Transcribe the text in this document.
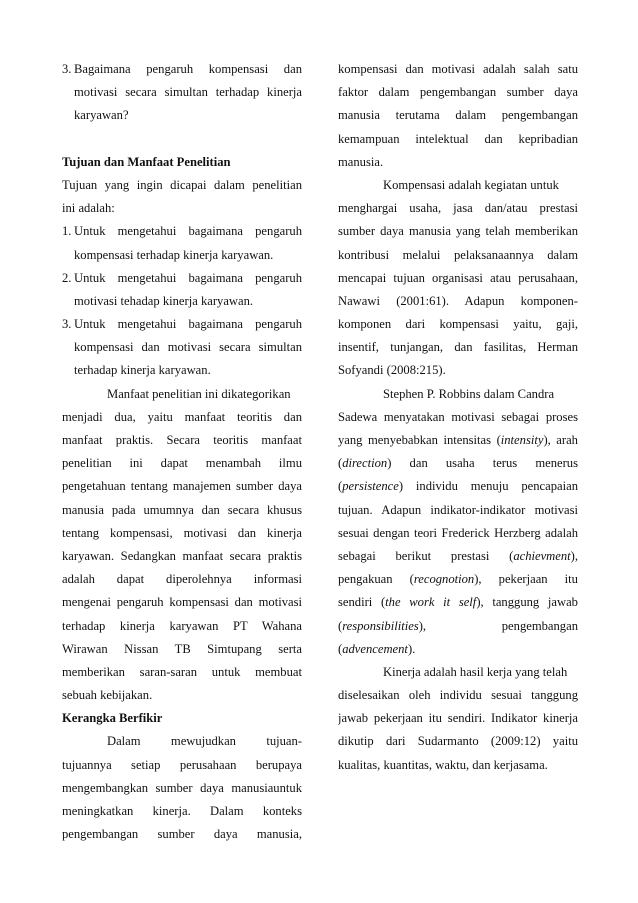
3. Bagaimana pengaruh kompensasi dan
motivasi secara simultan terhadap kinerja
karyawan?
Tujuan dan Manfaat Penelitian
Tujuan yang ingin dicapai dalam penelitian
ini adalah:
1. Untuk mengetahui bagaimana pengaruh
kompensasi terhadap kinerja karyawan.
2. Untuk mengetahui bagaimana pengaruh
motivasi tehadap kinerja karyawan.
3. Untuk mengetahui bagaimana pengaruh
kompensasi dan motivasi secara simultan
terhadap kinerja karyawan.
Manfaat penelitian ini dikategorikan
menjadi dua, yaitu manfaat teoritis dan
manfaat praktis. Secara teoritis manfaat
penelitian ini dapat menambah ilmu
pengetahuan tentang manajemen sumber daya
manusia pada umumnya dan secara khusus
tentang kompensasi, motivasi dan kinerja
karyawan. Sedangkan manfaat secara praktis
adalah dapat diperolehnya informasi
mengenai pengaruh kompensasi dan motivasi
terhadap kinerja karyawan PT Wahana
Wirawan Nissan TB Simtupang serta
memberikan saran-saran untuk membuat
sebuah kebijakan.
Kerangka Berfikir
Dalam mewujudkan tujuan-
tujuannya setiap perusahaan berupaya
mengembangkan sumber daya manusiauntuk
meningkatkan kinerja. Dalam konteks
pengembangan sumber daya manusia,
kompensasi dan motivasi adalah salah satu
faktor dalam pengembangan sumber daya
manusia terutama dalam pengembangan
kemampuan intelektual dan kepribadian
manusia.
Kompensasi adalah kegiatan untuk
menghargai usaha, jasa dan/atau prestasi
sumber daya manusia yang telah memberikan
kontribusi melalui pelaksanaannya dalam
mencapai tujuan organisasi atau perusahaan,
Nawawi (2001:61). Adapun komponen-
komponen dari kompensasi yaitu, gaji,
insentif, tunjangan, dan fasilitas, Herman
Sofyandi (2008:215).
Stephen P. Robbins dalam Candra
Sadewa menyatakan motivasi sebagai proses
yang menyebabkan intensitas (intensity), arah
(direction) dan usaha terus menerus
(persistence) individu menuju pencapaian
tujuan. Adapun indikator-indikator motivasi
sesuai dengan teori Frederick Herzberg adalah
sebagai berikut prestasi (achievment),
pengakuan (recognotion), pekerjaan itu
sendiri (the work it self), tanggung jawab
(responsibilities), pengembangan
(advencement).
Kinerja adalah hasil kerja yang telah
diselesaikan oleh individu sesuai tanggung
jawab pekerjaan itu sendiri. Indikator kinerja
dikutip dari Sudarmanto (2009:12) yaitu
kualitas, kuantitas, waktu, dan kerjasama.
